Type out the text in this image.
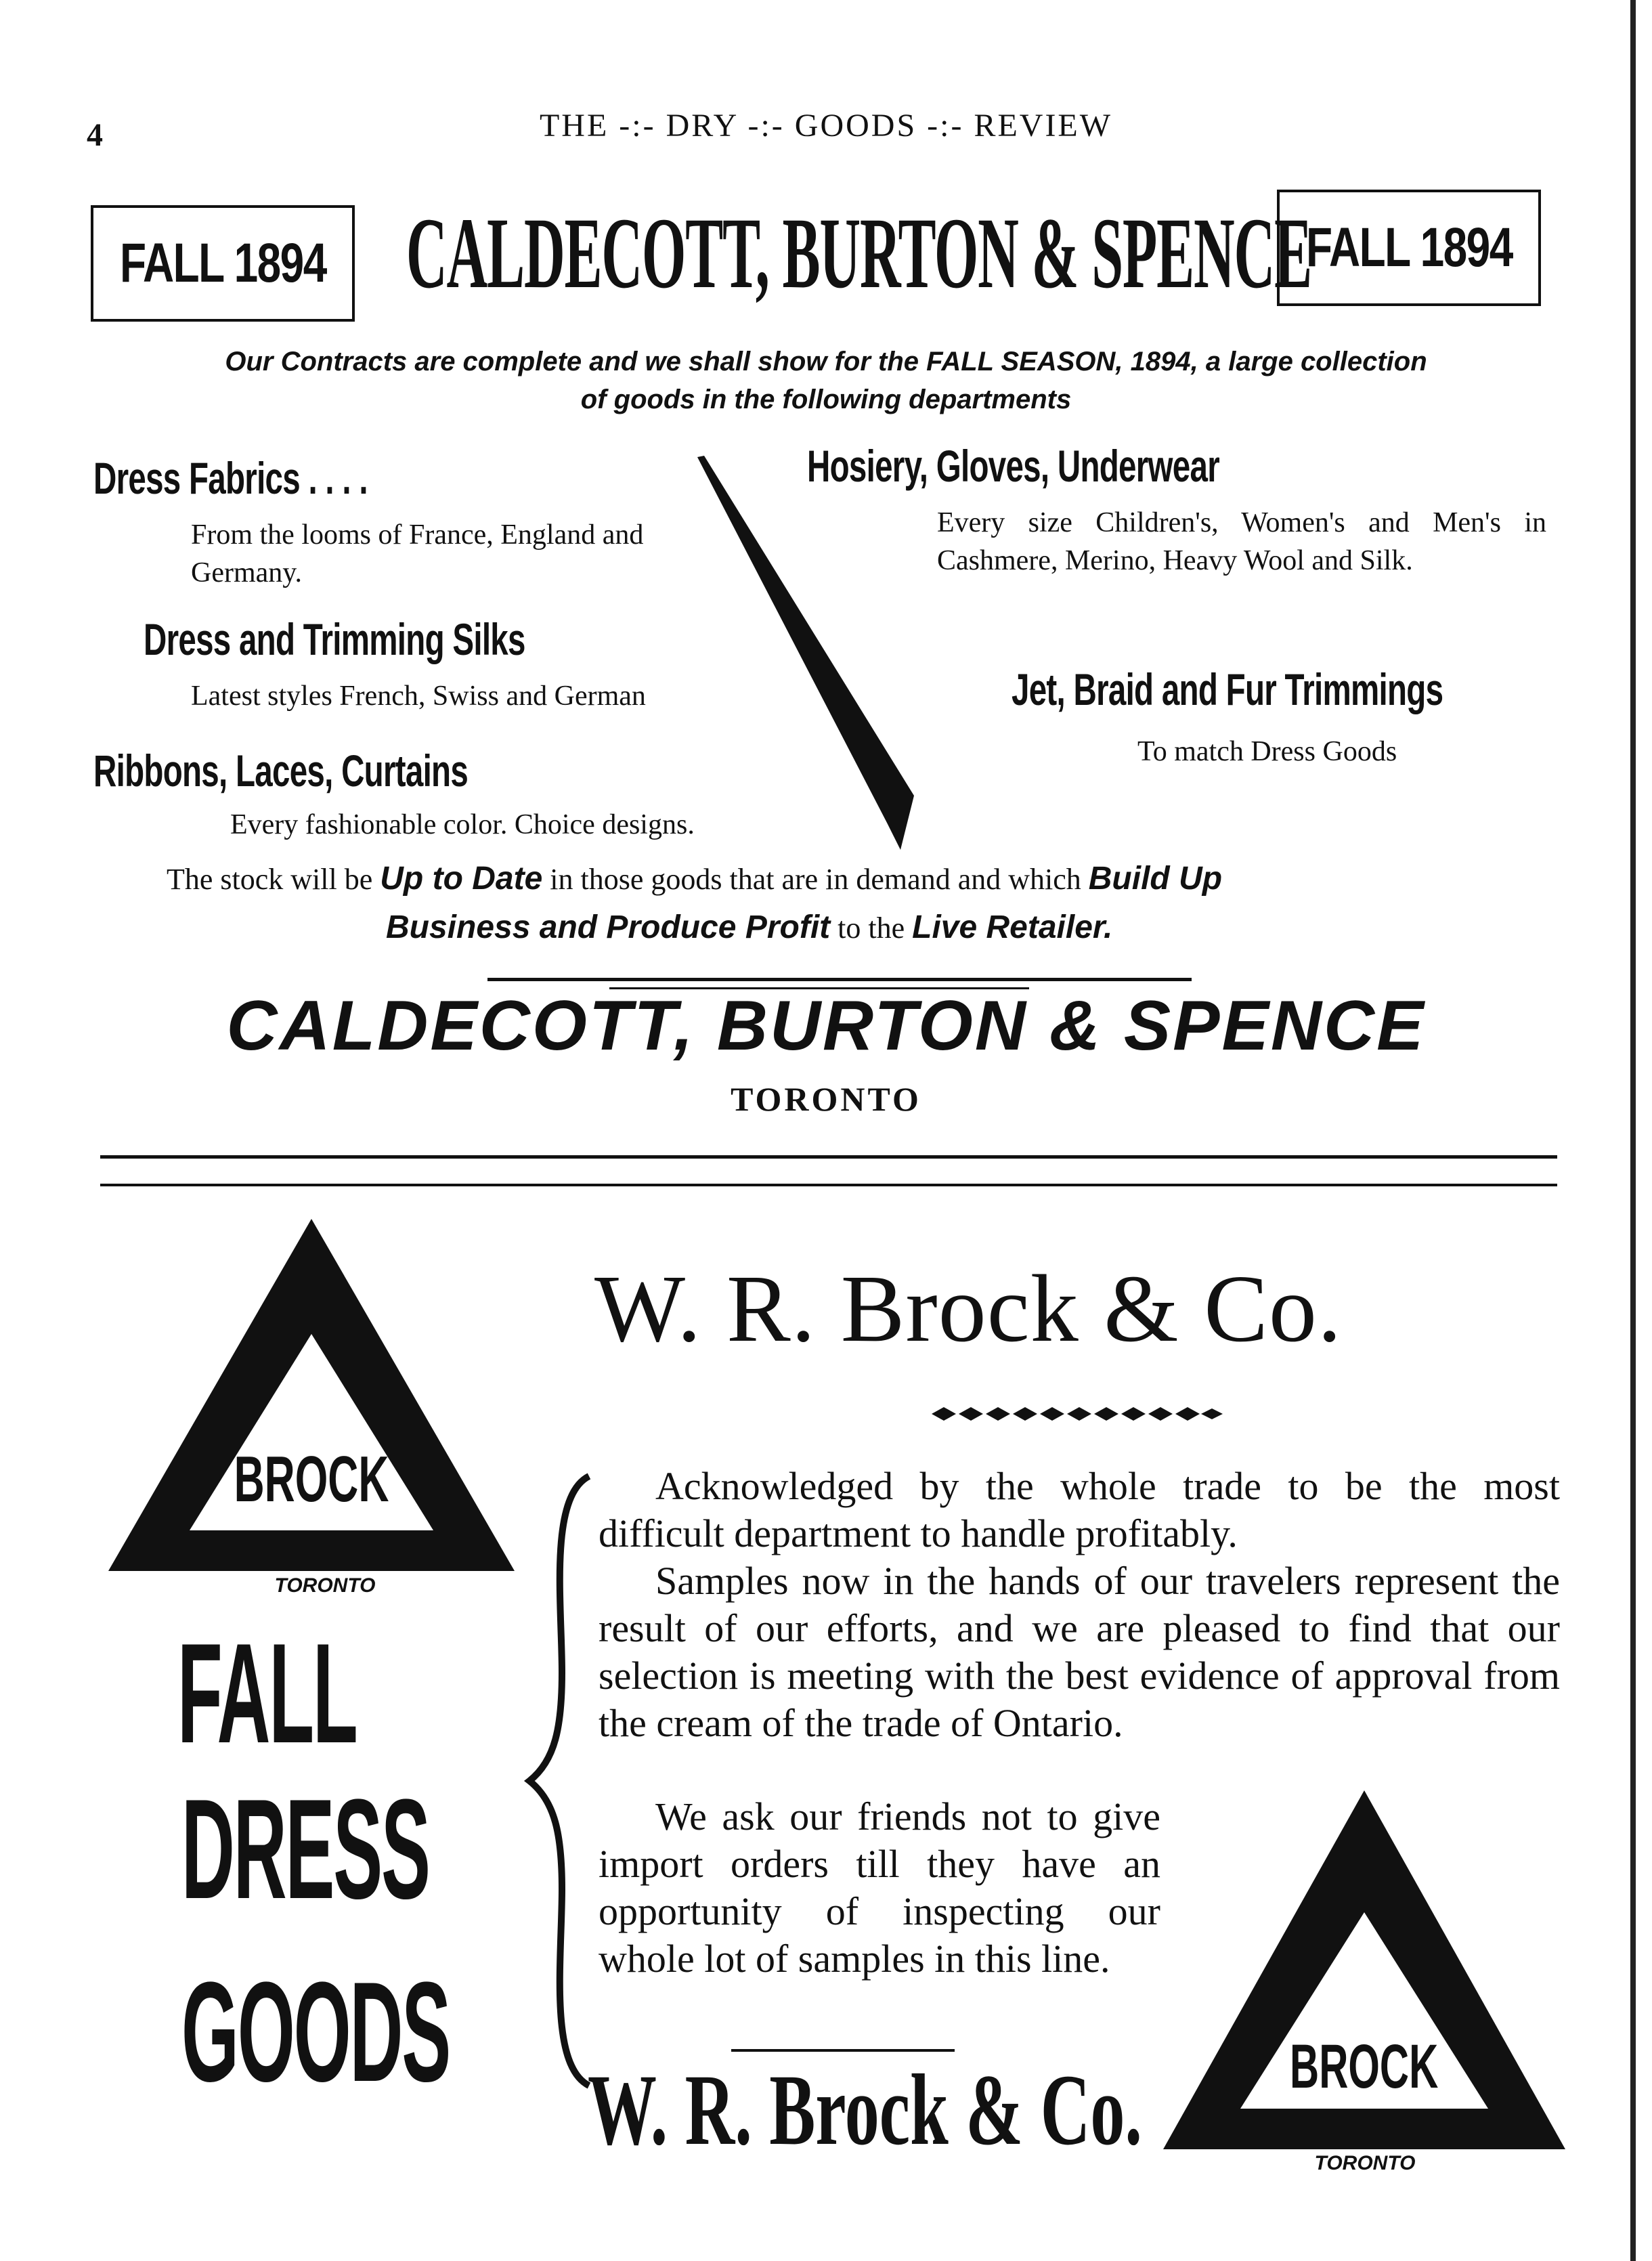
4	THE -:- DRY -:- GOODS -:- REVIEW
FALL 1894	FALL 1894
CALDECOTT, BURTON & SPENCE
Our Contracts are complete and we shall show for the FALL SEASON, 1894, a large collection
of goods in the following departments
Dress Fabrics . . . .
From the looms of France, England and Germany.
Dress and Trimming Silks
Latest styles French, Swiss and German
Ribbons, Laces, Curtains
Every fashionable color. Choice designs.
Hosiery, Gloves, Underwear
Every size Children's, Women's and Men's in Cashmere, Merino, Heavy Wool and Silk.
Jet, Braid and Fur Trimmings
To match Dress Goods
The stock will be Up to Date in those goods that are in demand and which Build Up
Business and Produce Profit to the Live Retailer.
CALDECOTT, BURTON & SPENCE
TORONTO
BROCK
TORONTO
FALL
DRESS
GOODS
W. R. Brock & Co.
Acknowledged by the whole trade to be the most difficult department to handle profitably.
Samples now in the hands of our travelers represent the result of our efforts, and we are pleased to find that our selection is meeting with the best evidence of approval from the cream of the trade of Ontario.
We ask our friends not to give import orders till they have an opportunity of inspecting our whole lot of samples in this line.
W. R. Brock & Co.	BROCK
TORONTO
